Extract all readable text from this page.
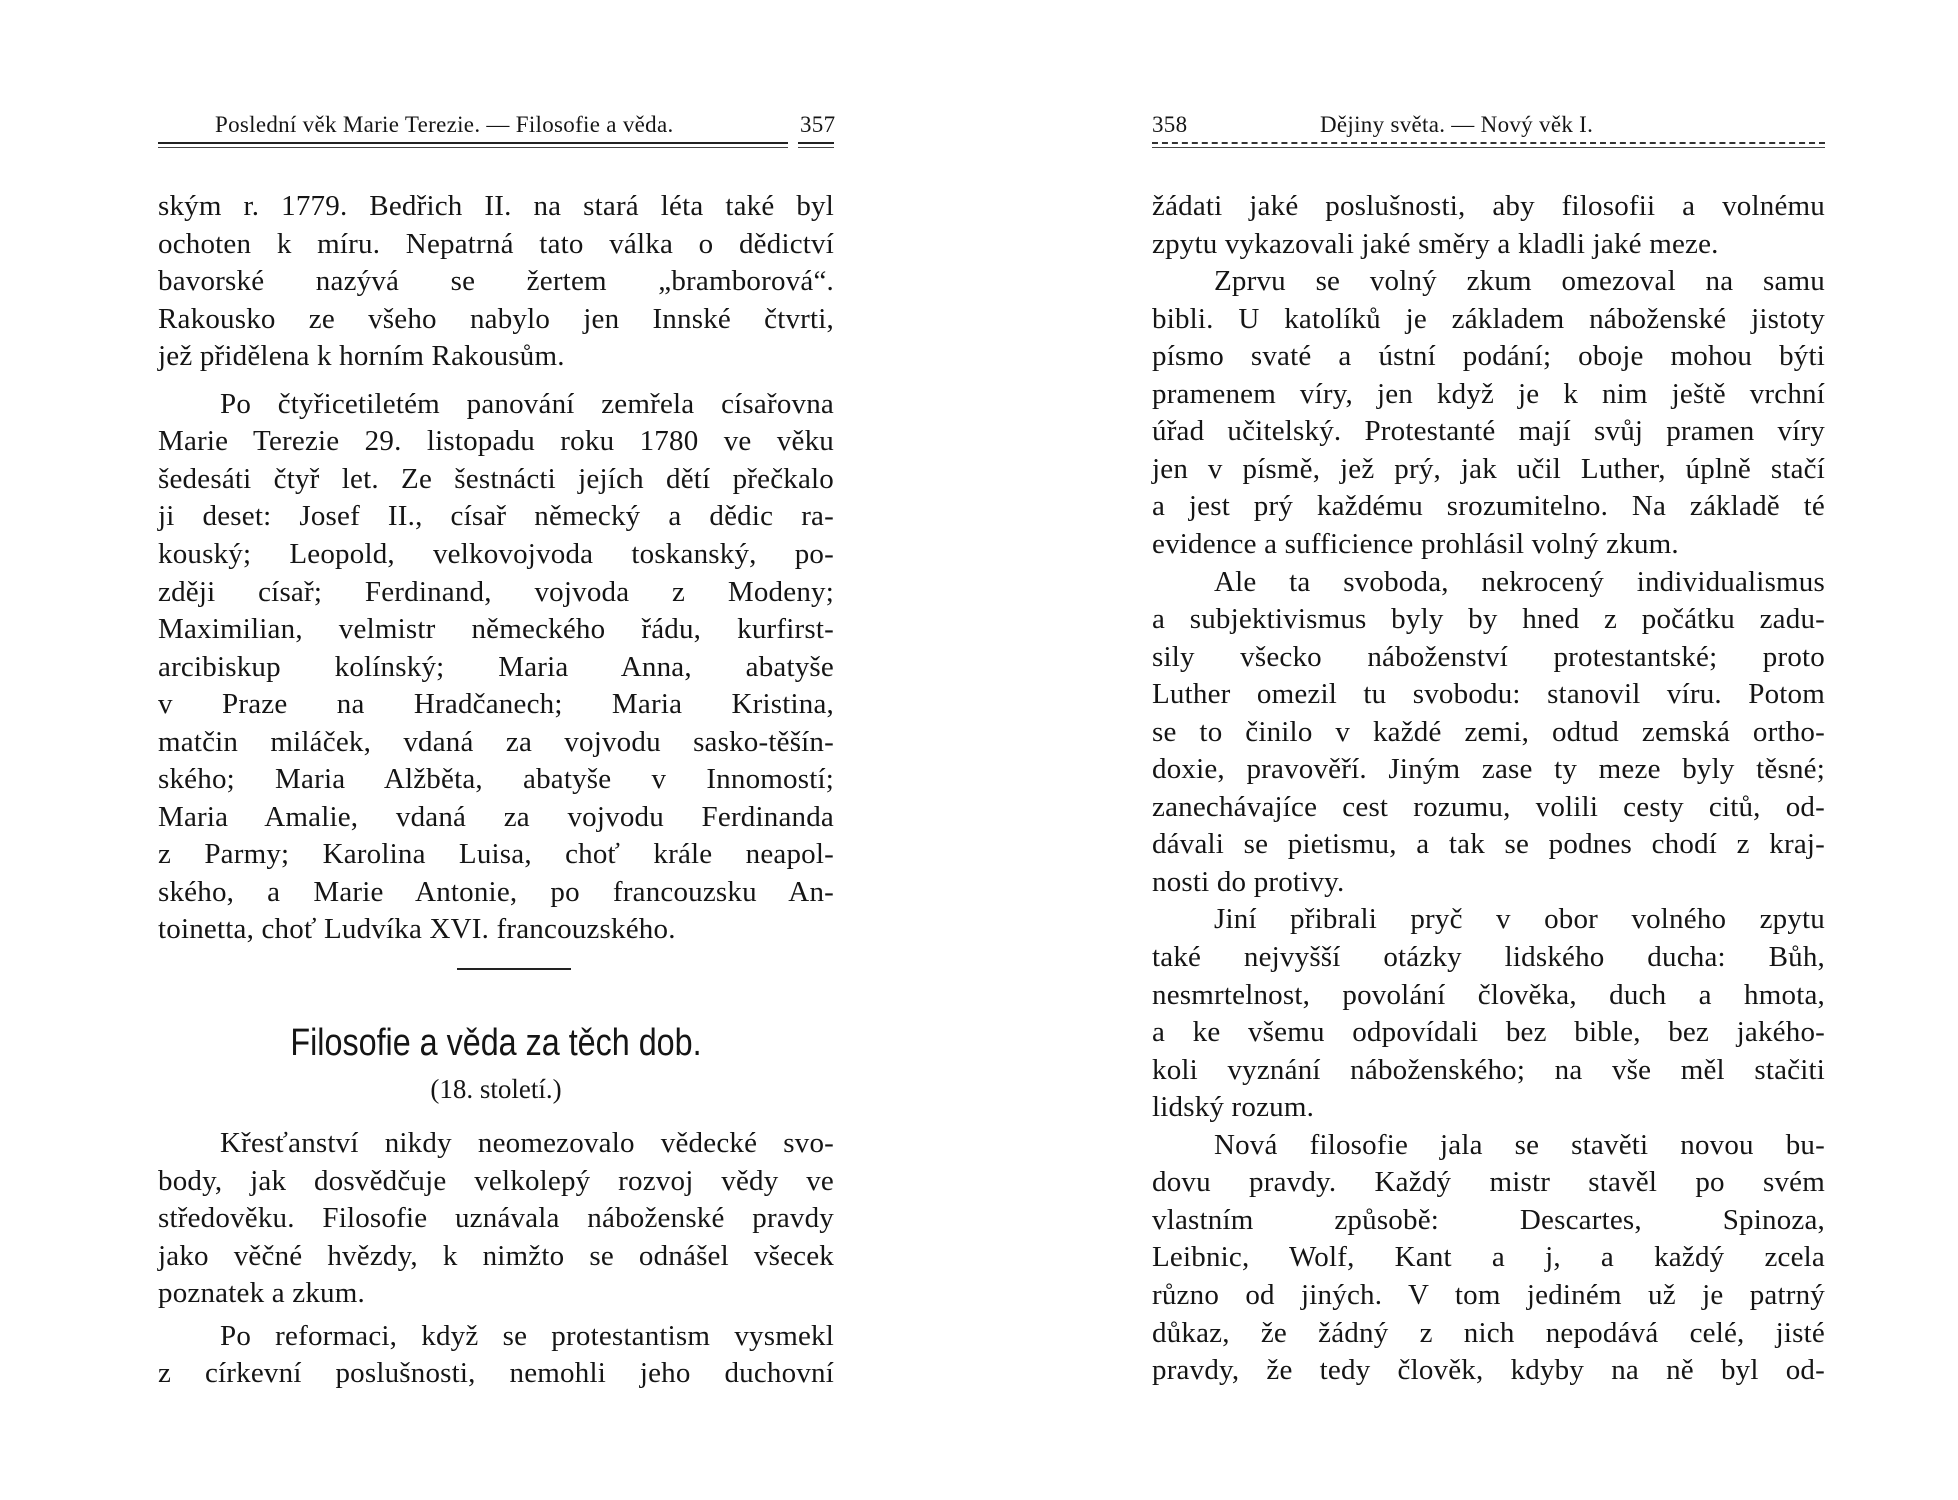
Poslední věk Marie Terezie. — Filosofie a věda.	357
ským r. 1779. Bedřich II. na stará léta také byl
ochoten k míru. Nepatrná tato válka o dědictví
bavorské nazývá se žertem „bramborová“.
Rakousko ze všeho nabylo jen Innské čtvrti,
jež přidělena k horním Rakousům.
Po čtyřicetiletém panování zemřela císařovna
Marie Terezie 29. listopadu roku 1780 ve věku
šedesáti čtyř let. Ze šestnácti jejích dětí přečkalo
ji deset: Josef II., císař německý a dědic ra-
kouský; Leopold, velkovojvoda toskanský, po-
zději císař; Ferdinand, vojvoda z Modeny;
Maximilian, velmistr německého řádu, kurfirst-
arcibiskup kolínský; Maria Anna, abatyše
v Praze na Hradčanech; Maria Kristina,
matčin miláček, vdaná za vojvodu sasko-těšín-
ského; Maria Alžběta, abatyše v Innomostí;
Maria Amalie, vdaná za vojvodu Ferdinanda
z Parmy; Karolina Luisa, choť krále neapol-
ského, a Marie Antonie, po francouzsku An-
toinetta, choť Ludvíka XVI. francouzského.
Filosofie a věda za těch dob.
(18. století.)
Křesťanství nikdy neomezovalo vědecké svo-
body, jak dosvědčuje velkolepý rozvoj vědy ve
středověku. Filosofie uznávala náboženské pravdy
jako věčné hvězdy, k nimžto se odnášel všecek
poznatek a zkum.
Po reformaci, když se protestantism vysmekl
z církevní poslušnosti, nemohli jeho duchovní
358	Dějiny světa. — Nový věk I.
žádati jaké poslušnosti, aby filosofii a volnému
zpytu vykazovali jaké směry a kladli jaké meze.
Zprvu se volný zkum omezoval na samu
bibli. U katolíků je základem náboženské jistoty
písmo svaté a ústní podání; oboje mohou býti
pramenem víry, jen když je k nim ještě vrchní
úřad učitelský. Protestanté mají svůj pramen víry
jen v písmě, jež prý, jak učil Luther, úplně stačí
a jest prý každému srozumitelno. Na základě té
evidence a sufficience prohlásil volný zkum.
Ale ta svoboda, nekrocený individualismus
a subjektivismus byly by hned z počátku zadu-
sily všecko náboženství protestantské; proto
Luther omezil tu svobodu: stanovil víru. Potom
se to činilo v každé zemi, odtud zemská ortho-
doxie, pravověří. Jiným zase ty meze byly těsné;
zanechávajíce cest rozumu, volili cesty citů, od-
dávali se pietismu, a tak se podnes chodí z kraj-
nosti do protivy.
Jiní přibrali pryč v obor volného zpytu
také nejvyšší otázky lidského ducha: Bůh,
nesmrtelnost, povolání člověka, duch a hmota,
a ke všemu odpovídali bez bible, bez jakého-
koli vyznání náboženského; na vše měl stačiti
lidský rozum.
Nová filosofie jala se stavěti novou bu-
dovu pravdy. Každý mistr stavěl po svém
vlastním způsobě: Descartes, Spinoza,
Leibnic, Wolf, Kant a j, a každý zcela
různo od jiných. V tom jediném už je patrný
důkaz, že žádný z nich nepodává celé, jisté
pravdy, že tedy člověk, kdyby na ně byl od-
